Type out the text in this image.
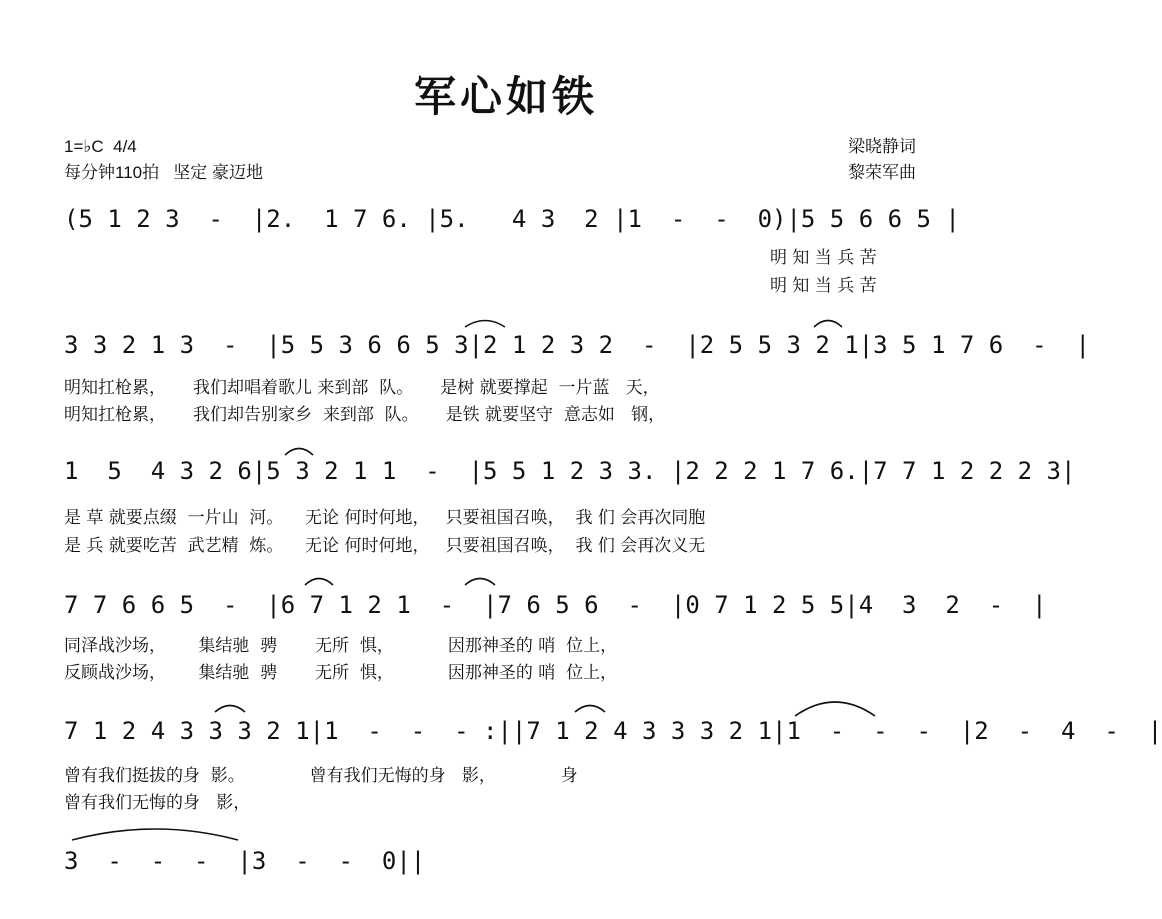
军心如铁
1=♭C  4/4
每分钟110拍   坚定 豪迈地
梁晓静词
黎荣军曲
(5 1 2 3  -  |2.  1 7 6. |5.   4 3  2 |1  -  -  0)|5 5 6 6 5 |
明 知 当 兵 苦
明 知 当 兵 苦
3 3 2 1 3  -  |5 5 3 6 6 5 3|2 1 2 3 2  -  |2 5 5 3 2 1|3 5 1 7 6  -  |
明知扛枪累，     我们却唱着歌儿 来到部  队。     是树 就要撑起  一片蓝   天，
明知扛枪累，     我们却告别家乡  来到部  队。     是铁 就要坚守  意志如   钢，
1  5  4 3 2 6|5 3 2 1 1  -  |5 5 1 2 3 3. |2 2 2 1 7 6.|7 7 1 2 2 2 3|
是 草 就要点缀  一片山  河。    无论 何时何地，   只要祖国召唤，  我 们 会再次同胞
是 兵 就要吃苦  武艺精  炼。    无论 何时何地，   只要祖国召唤，  我 们 会再次义无
7 7 6 6 5  -  |6 7 1 2 1  -  |7 6 5 6  -  |0 7 1 2 5 5|4  3  2  -  |
同泽战沙场，      集结驰  骋       无所  惧，          因那神圣的 哨  位上，
反顾战沙场，      集结驰  骋       无所  惧，          因那神圣的 哨  位上，
7 1 2 4 3 3 3 2 1|1  -  -  - :||7 1 2 4 3 3 3 2 1|1  -  -  -  |2  -  4  -  |
曾有我们挺拔的身  影。            曾有我们无悔的身   影，            身
曾有我们无悔的身   影，
3  -  -  -  |3  -  -  0||
